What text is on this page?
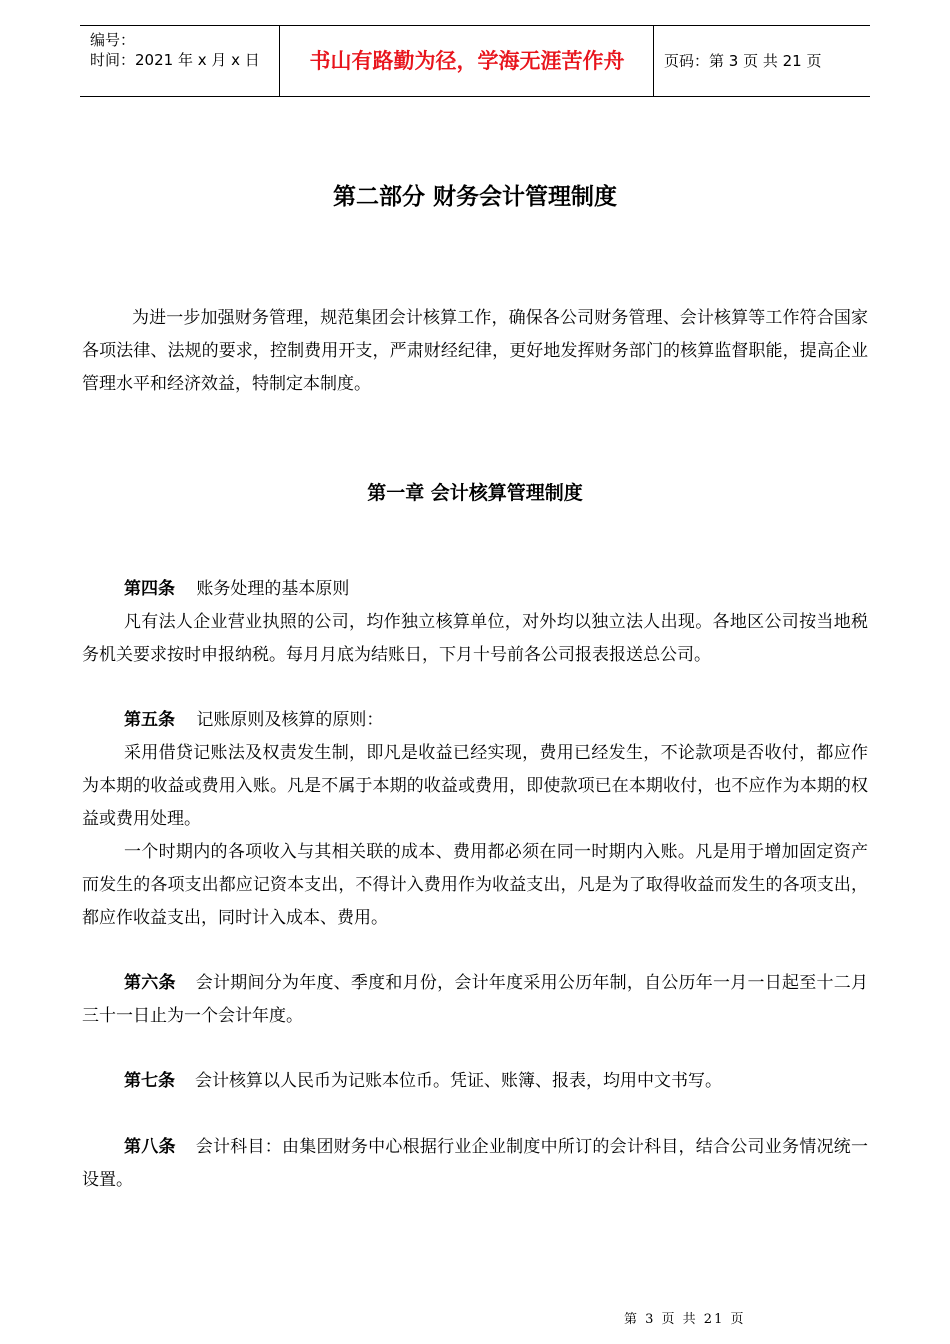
编号：
时间：2021 年 x 月 x 日	书山有路勤为径，学海无涯苦作舟	页码：第 3 页 共 21 页
第二部分 财务会计管理制度
为进一步加强财务管理，规范集团会计核算工作，确保各公司财务管理、会计核算等工作符合国家各项法律、法规的要求，控制费用开支，严肃财经纪律，更好地发挥财务部门的核算监督职能，提高企业管理水平和经济效益，特制定本制度。
第一章 会计核算管理制度
第四条 账务处理的基本原则
凡有法人企业营业执照的公司，均作独立核算单位，对外均以独立法人出现。各地区公司按当地税务机关要求按时申报纳税。每月月底为结账日，下月十号前各公司报表报送总公司。
第五条 记账原则及核算的原则：
采用借贷记账法及权责发生制，即凡是收益已经实现，费用已经发生，不论款项是否收付，都应作为本期的收益或费用入账。凡是不属于本期的收益或费用，即使款项已在本期收付，也不应作为本期的权益或费用处理。
一个时期内的各项收入与其相关联的成本、费用都必须在同一时期内入账。凡是用于增加固定资产而发生的各项支出都应记资本支出，不得计入费用作为收益支出，凡是为了取得收益而发生的各项支出，都应作收益支出，同时计入成本、费用。
第六条 会计期间分为年度、季度和月份，会计年度采用公历年制，自公历年一月一日起至十二月三十一日止为一个会计年度。
第七条 会计核算以人民币为记账本位币。凭证、账簿、报表，均用中文书写。
第八条 会计科目：由集团财务中心根据行业企业制度中所订的会计科目，结合公司业务情况统一设置。
第 3 页 共 21 页
